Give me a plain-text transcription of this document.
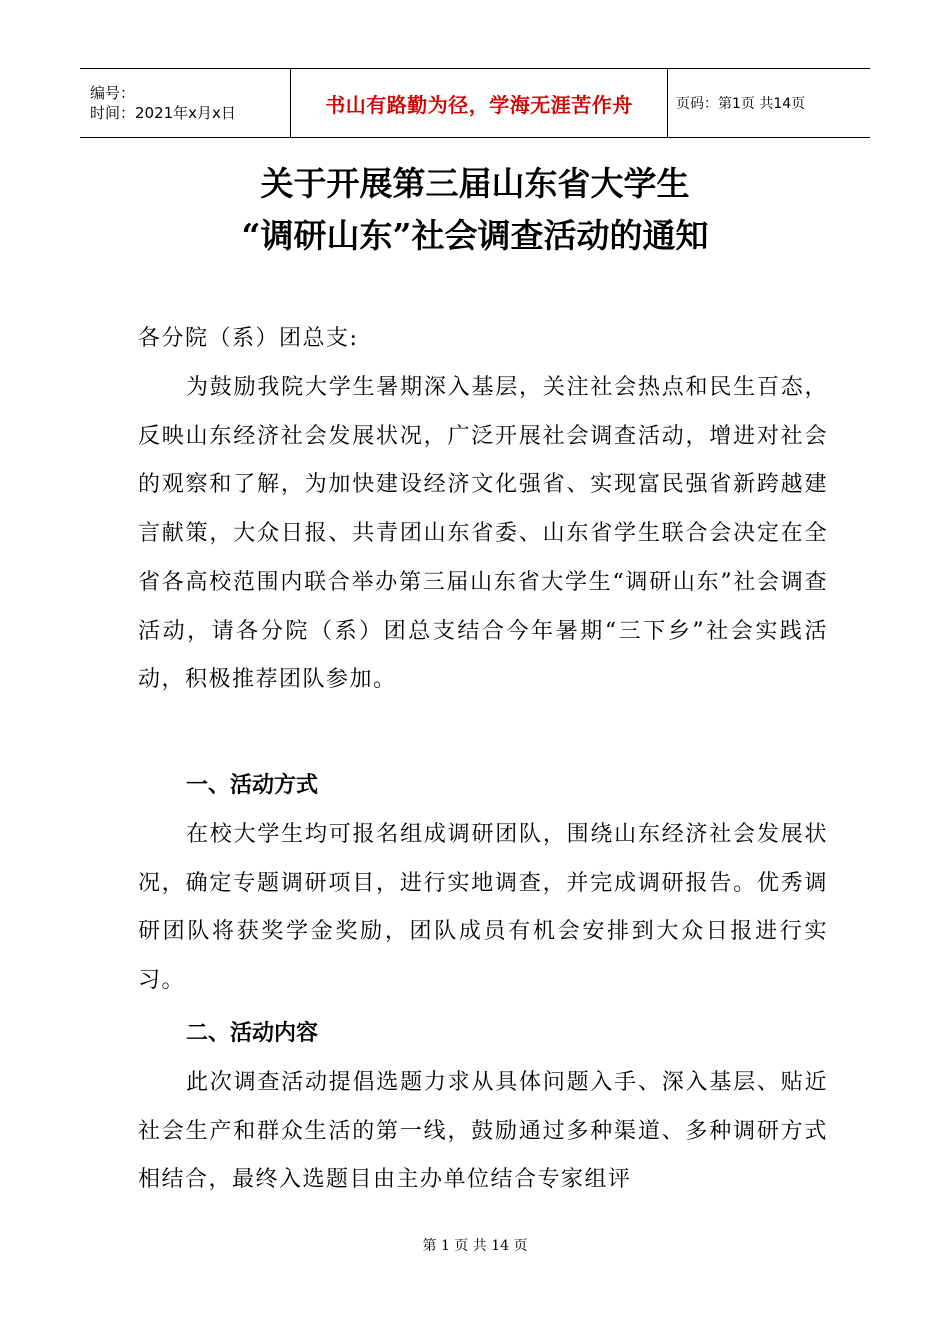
编号：
时间：2021年x月x日	书山有路勤为径，学海无涯苦作舟	页码：第1页 共14页
关于开展第三届山东省大学生
“调研山东”社会调查活动的通知
各分院（系）团总支:
为鼓励我院大学生暑期深入基层，关注社会热点和民生百态，反映山东经济社会发展状况，广泛开展社会调查活动，增进对社会的观察和了解，为加快建设经济文化强省、实现富民强省新跨越建言献策，大众日报、共青团山东省委、山东省学生联合会决定在全省各高校范围内联合举办第三届山东省大学生“调研山东”社会调查活动，请各分院（系）团总支结合今年暑期“三下乡”社会实践活动，积极推荐团队参加。
一、活动方式
在校大学生均可报名组成调研团队，围绕山东经济社会发展状况，确定专题调研项目，进行实地调查，并完成调研报告。优秀调研团队将获奖学金奖励，团队成员有机会安排到大众日报进行实习。
二、活动内容
此次调查活动提倡选题力求从具体问题入手、深入基层、贴近社会生产和群众生活的第一线，鼓励通过多种渠道、多种调研方式相结合，最终入选题目由主办单位结合专家组评
第 1 页 共 14 页
